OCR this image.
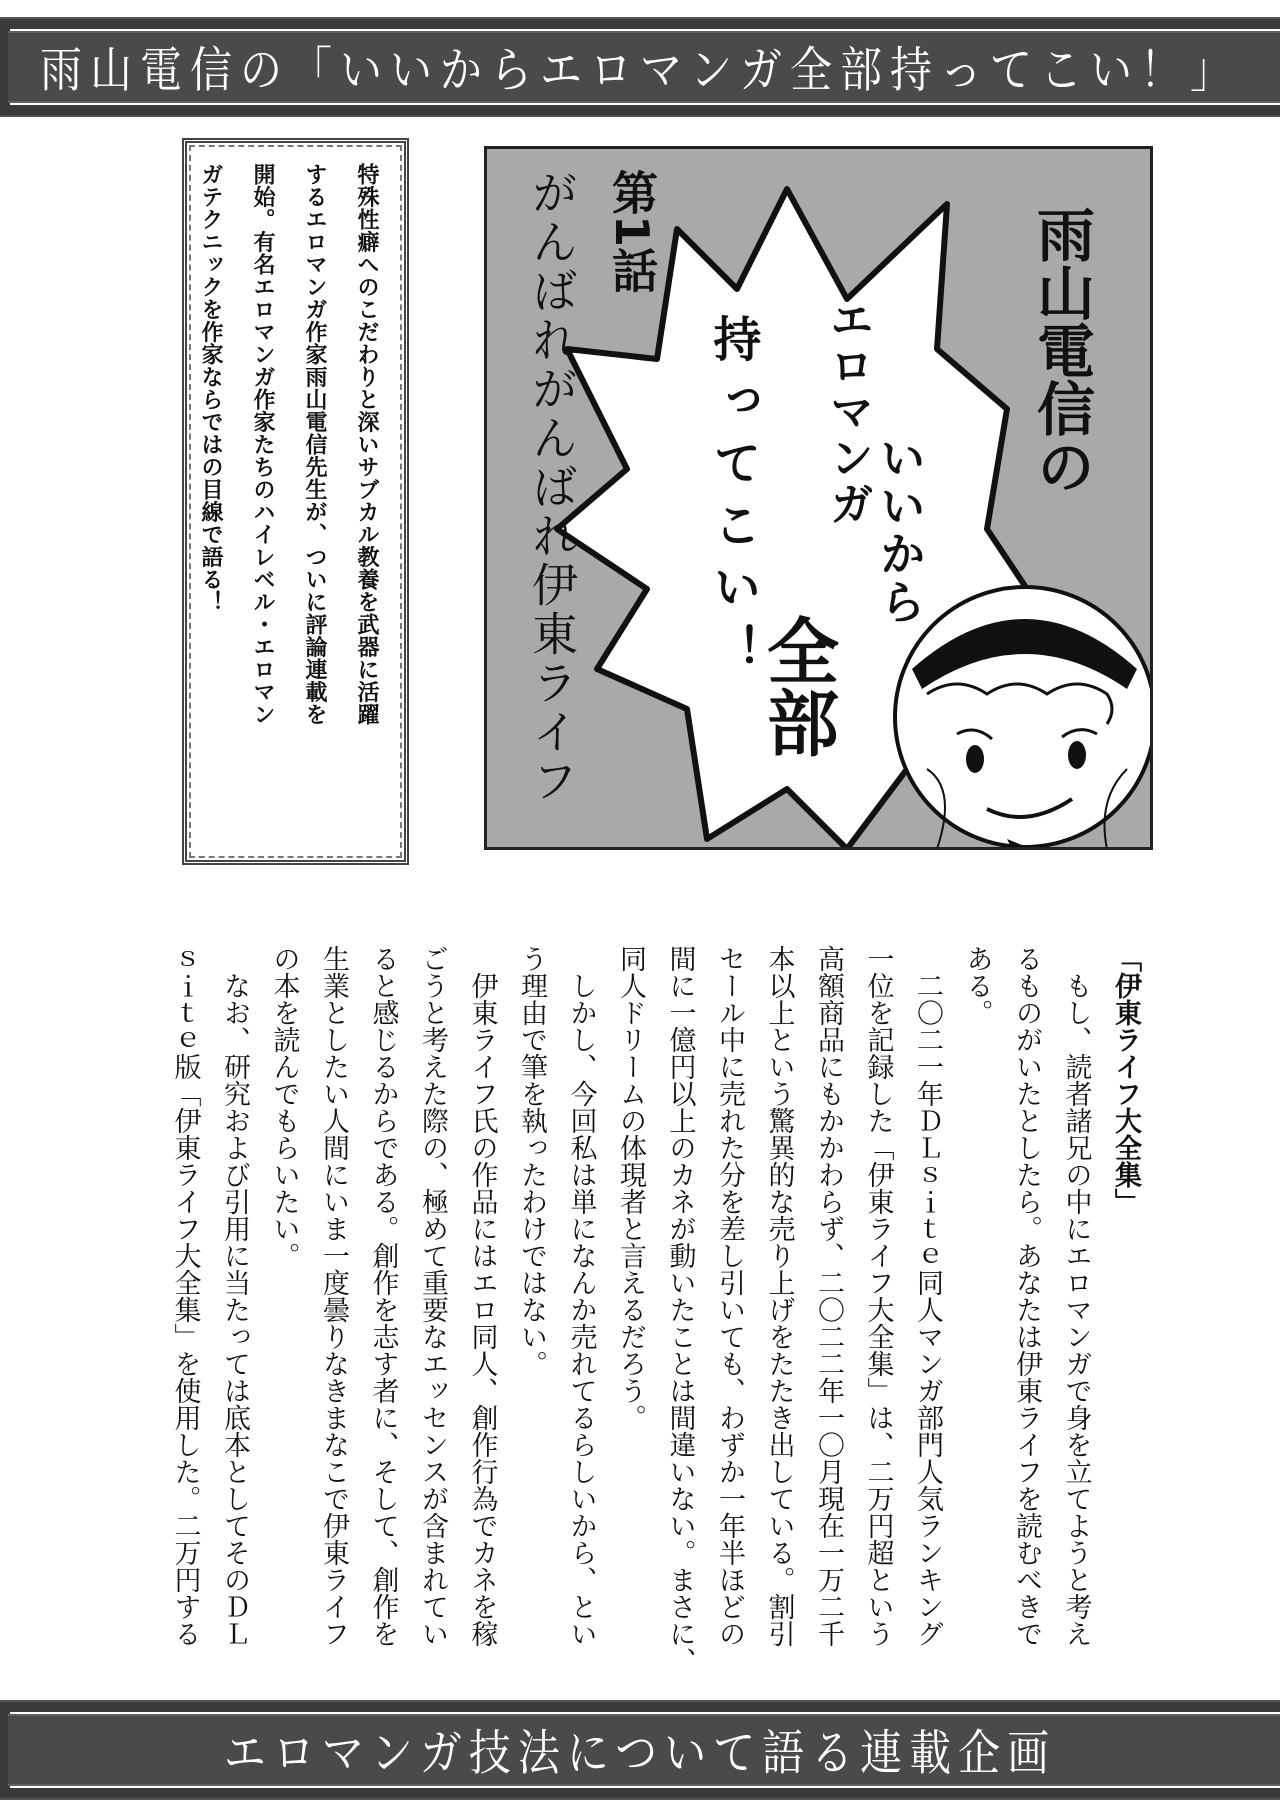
雨山電信の「いいからエロマンガ全部持ってこい！」
特殊性癖へのこだわりと深いサブカル教養を武器に活躍
するエロマンガ作家雨山電信先生が、ついに評論連載を
開始。有名エロマンガ作家たちのハイレベル・エロマン
ガテクニックを作家ならではの目線で語る！	雨山電信の
いいから
エロマンガ
全部
持ってこい！
第1話
がんばれがんばれ伊東ライフ
「伊東ライフ大全集」
　もし、読者諸兄の中にエロマンガで身を立てようと考え
るものがいたとしたら。あなたは伊東ライフを読むべきで
ある。
　二〇二一年ＤＬｓｉｔｅ同人マンガ部門人気ランキング
一位を記録した「伊東ライフ大全集」は、二万円超という
高額商品にもかかわらず、二〇二二年一〇月現在一万二千
本以上という驚異的な売り上げをたたき出している。割引
セール中に売れた分を差し引いても、わずか一年半ほどの
間に一億円以上のカネが動いたことは間違いない。まさに、
同人ドリームの体現者と言えるだろう。
　しかし、今回私は単になんか売れてるらしいから、とい
う理由で筆を執ったわけではない。
　伊東ライフ氏の作品にはエロ同人、創作行為でカネを稼
ごうと考えた際の、極めて重要なエッセンスが含まれてい
ると感じるからである。創作を志す者に、そして、創作を
生業としたい人間にいま一度曇りなきまなこで伊東ライフ
の本を読んでもらいたい。
　なお、研究および引用に当たっては底本としてそのＤＬ
ｓｉｔｅ版「伊東ライフ大全集」を使用した。二万円する
エロマンガ技法について語る連載企画
